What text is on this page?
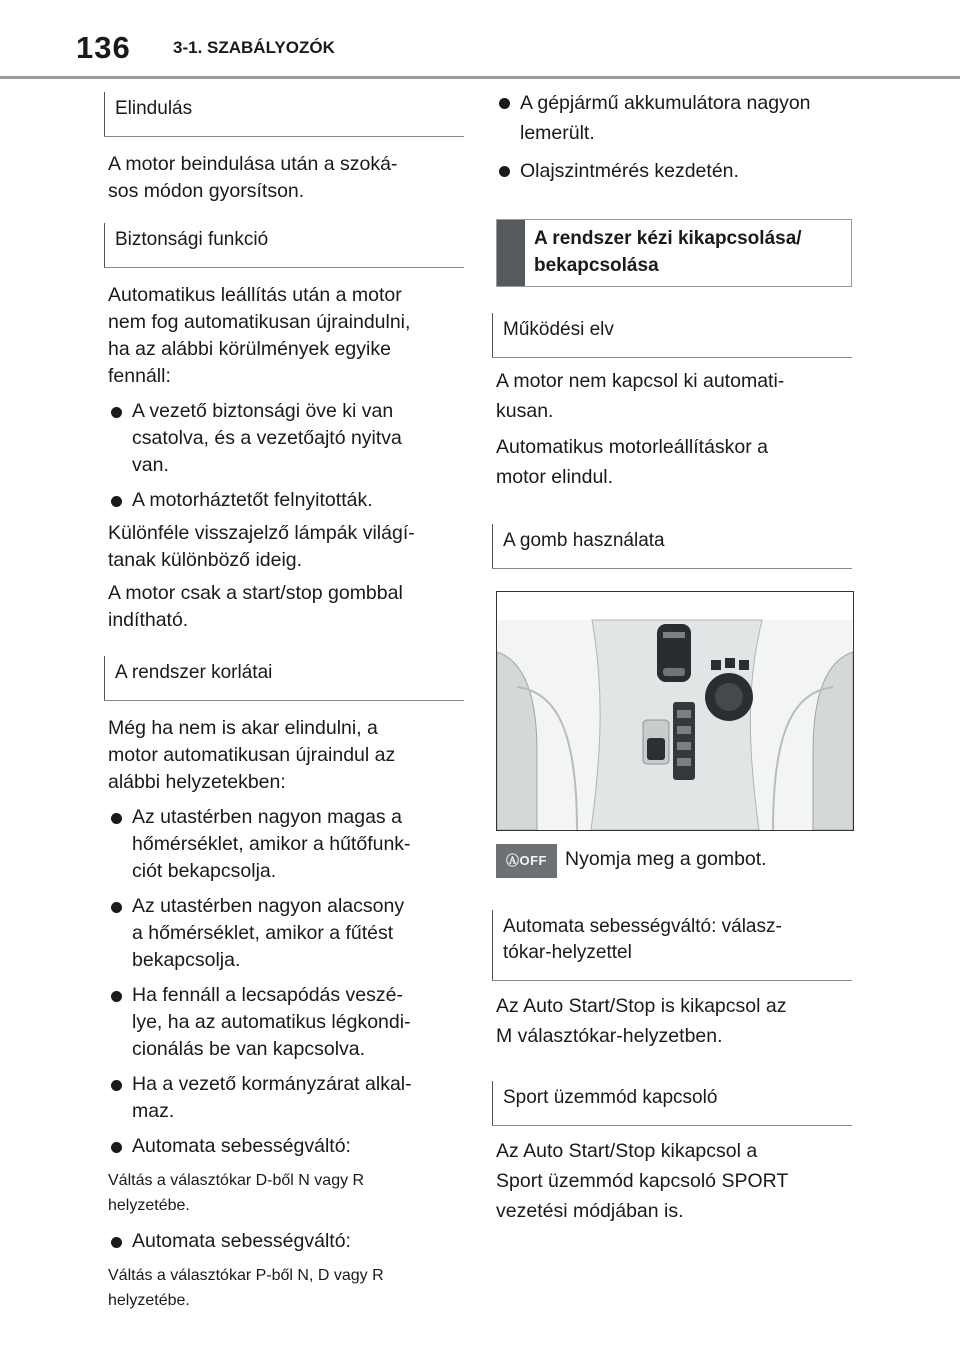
136 3-1. SZABÁLYOZÓK
Elindulás

A motor beindulása után a szoká-
sos módon gyorsítson.

Biztonsági funkció

Automatikus leállítás után a motor
nem fog automatikusan újraindulni,
ha az alábbi körülmények egyike
fennáll:

A vezető biztonsági öve ki van
csatolva, és a vezetőajtó nyitva
van.
A motorháztetőt felnyitották.

Különféle visszajelző lámpák világí-
tanak különböző ideig.

A motor csak a start/stop gombbal
indítható.

A rendszer korlátai

Még ha nem is akar elindulni, a
motor automatikusan újraindul az
alábbi helyzetekben:

Az utastérben nagyon magas a
hőmérséklet, amikor a hűtőfunk-
ciót bekapcsolja.
Az utastérben nagyon alacsony
a hőmérséklet, amikor a fűtést
bekapcsolja.
Ha fennáll a lecsapódás veszé-
lye, ha az automatikus légkondi-
cionálás be van kapcsolva.
Ha a vezető kormányzárat alkal-
maz.
Automata sebességváltó:

Váltás a választókar D-ből N vagy R
helyzetébe.

Automata sebességváltó:

Váltás a választókar P-ből N, D vagy R
helyzetébe.

A gépjármű akkumulátora nagyon
lemerült.
Olajszintmérés kezdetén.
A rendszer kézi kikapcsolása/
bekapcsolása
Működési elv

A motor nem kapcsol ki automati-
kusan.

Automatikus motorleállításkor a
motor elindul.

A gomb használata
ⒶOFF Nyomja meg a gombot.
Automata sebességváltó: válasz-
tókar-helyzettel

Az Auto Start/Stop is kikapcsol az
M választókar-helyzetben.

Sport üzemmód kapcsoló

Az Auto Start/Stop kikapcsol a
Sport üzemmód kapcsoló SPORT
vezetési módjában is.
